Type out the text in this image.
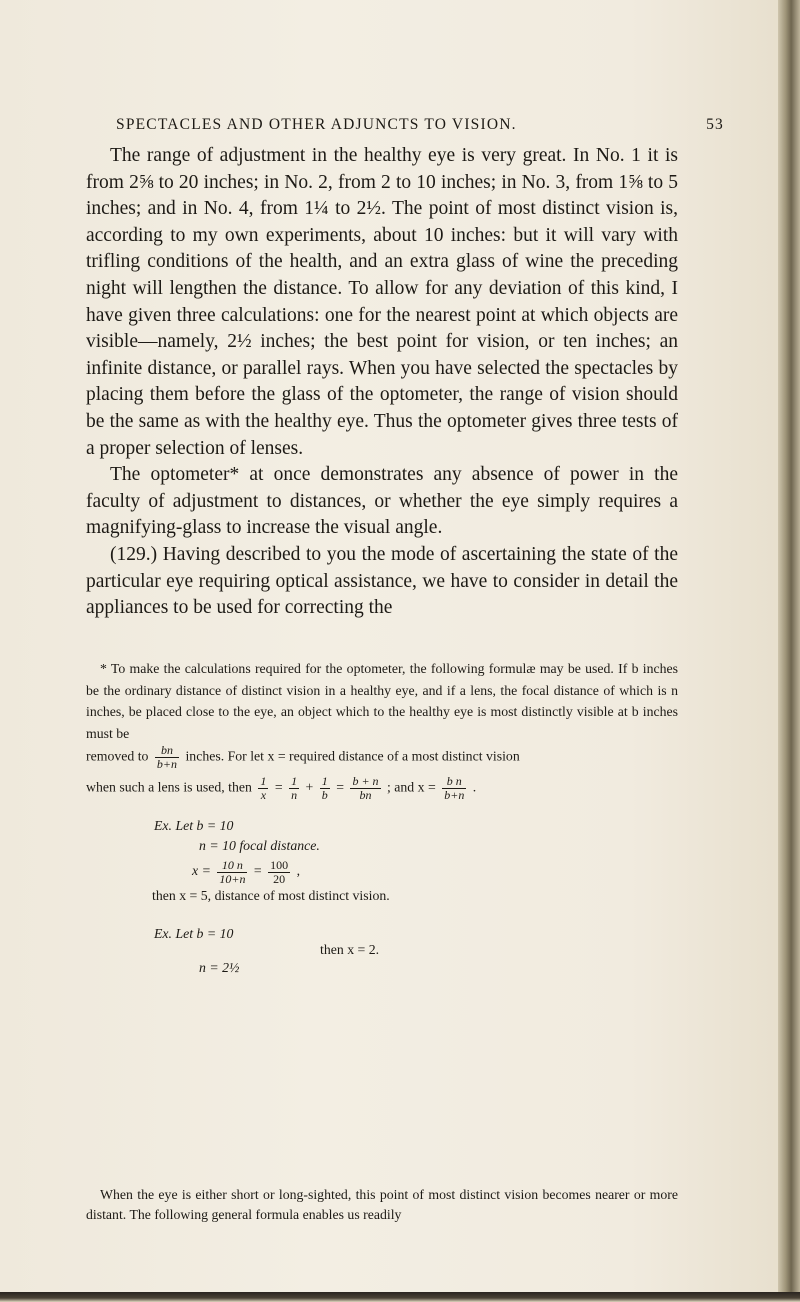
SPECTACLES AND OTHER ADJUNCTS TO VISION.	53

The range of adjustment in the healthy eye is very great. In No. 1 it is from 2⅝ to 20 inches; in No. 2, from 2 to 10 inches; in No. 3, from 1⅝ to 5 inches; and in No. 4, from 1¼ to 2½. The point of most distinct vision is, according to my own experiments, about 10 inches: but it will vary with trifling conditions of the health, and an extra glass of wine the preceding night will lengthen the distance. To allow for any deviation of this kind, I have given three calculations: one for the nearest point at which objects are visible—namely, 2½ inches; the best point for vision, or ten inches; an infinite distance, or parallel rays. When you have selected the spectacles by placing them before the glass of the optometer, the range of vision should be the same as with the healthy eye. Thus the optometer gives three tests of a proper selection of lenses.

The optometer* at once demonstrates any absence of power in the faculty of adjustment to distances, or whether the eye simply requires a magnifying-glass to increase the visual angle.

(129.) Having described to you the mode of ascertaining the state of the particular eye requiring optical assistance, we have to consider in detail the appliances to be used for correcting the

* To make the calculations required for the optometer, the following formulæ may be used. If b inches be the ordinary distance of distinct vision in a healthy eye, and if a lens, the focal distance of which is n inches, be placed close to the eye, an object which to the healthy eye is most distinctly visible at b inches must be

removed to $\frac{bn}{b+n}$ inches. For let x = required distance of a most distinct vision

when such a lens is used, then $\frac{1}{x} = \frac{1}{n} + \frac{1}{b} = \frac{b + n}{bn}$ ; and $x = \frac{\text{b n}}{b+n}$ .

Ex. Let b = 10
n = 10 focal distance.
$x = \frac{10 n}{10+n} = \frac{100}{20}$ ,
then x = 5, distance of most distinct vision.
Ex. Let b = 10
then x = 2.
n = 2½

When the eye is either short or long-sighted, this point of most distinct vision becomes nearer or more distant. The following general formula enables us readily
